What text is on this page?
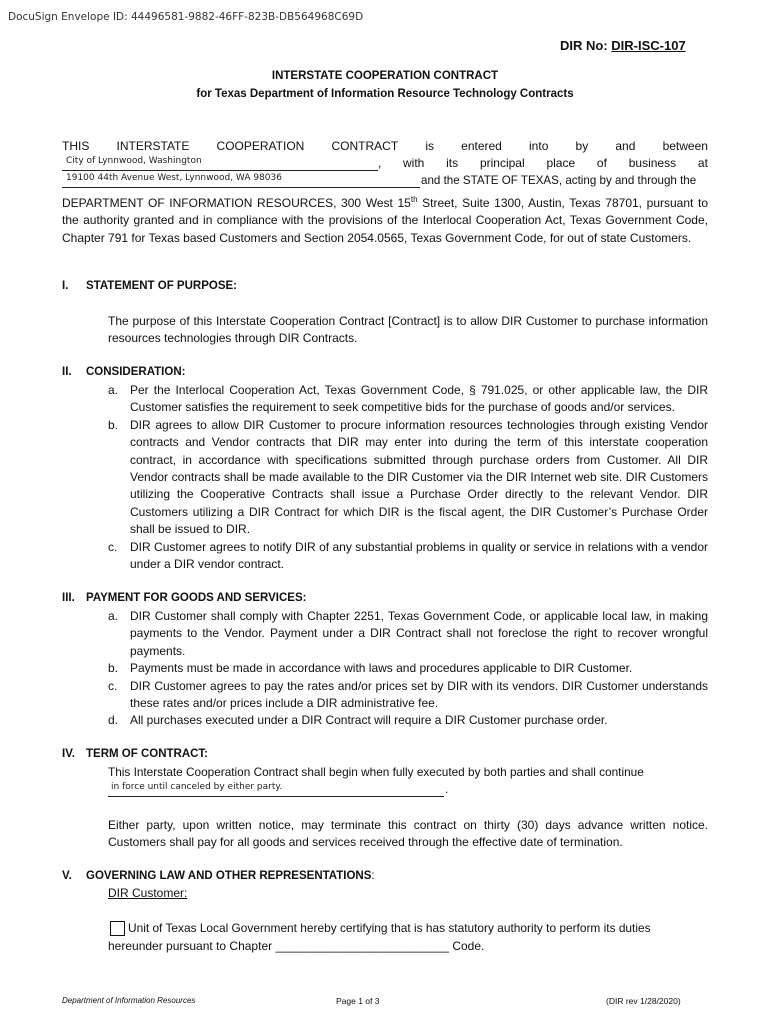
DocuSign Envelope ID: 44496581-9882-46FF-823B-DB564968C69D
DIR No: DIR-ISC-107
INTERSTATE COOPERATION CONTRACT
for Texas Department of Information Resource Technology Contracts
THIS INTERSTATE COOPERATION CONTRACT is entered into by and between
City of Lynnwood, Washington	, with its principal place of business at
19100 44th Avenue West, Lynnwood, WA 98036	and the STATE OF TEXAS, acting by and through the
DEPARTMENT OF INFORMATION RESOURCES, 300 West 15th Street, Suite 1300, Austin, Texas 78701, pursuant to the authority granted and in compliance with the provisions of the Interlocal Cooperation Act, Texas Government Code, Chapter 791 for Texas based Customers and Section 2054.0565, Texas Government Code, for out of state Customers.
I. STATEMENT OF PURPOSE:
The purpose of this Interstate Cooperation Contract [Contract] is to allow DIR Customer to purchase information resources technologies through DIR Contracts.
II. CONSIDERATION:
a. Per the Interlocal Cooperation Act, Texas Government Code, § 791.025, or other applicable law, the DIR Customer satisfies the requirement to seek competitive bids for the purchase of goods and/or services.
b. DIR agrees to allow DIR Customer to procure information resources technologies through existing Vendor contracts and Vendor contracts that DIR may enter into during the term of this interstate cooperation contract, in accordance with specifications submitted through purchase orders from Customer. All DIR Vendor contracts shall be made available to the DIR Customer via the DIR Internet web site. DIR Customers utilizing the Cooperative Contracts shall issue a Purchase Order directly to the relevant Vendor. DIR Customers utilizing a DIR Contract for which DIR is the fiscal agent, the DIR Customer’s Purchase Order shall be issued to DIR.
c.	DIR Customer agrees to notify DIR of any substantial problems in quality or service in relations with a vendor under a DIR vendor contract.
III. PAYMENT FOR GOODS AND SERVICES:
a. DIR Customer shall comply with Chapter 2251, Texas Government Code, or applicable local law, in making payments to the Vendor. Payment under a DIR Contract shall not foreclose the right to recover wrongful payments.
b. Payments must be made in accordance with laws and procedures applicable to DIR Customer.
c.	DIR Customer agrees to pay the rates and/or prices set by DIR with its vendors. DIR Customer understands these rates and/or prices include a DIR administrative fee.
d. All purchases executed under a DIR Contract will require a DIR Customer purchase order.
IV. TERM OF CONTRACT:
This Interstate Cooperation Contract shall begin when fully executed by both parties and shall continue
in force until canceled by either party.	.
Either party, upon written notice, may terminate this contract on thirty (30) days advance written notice. Customers shall pay for all goods and services received through the effective date of termination.
V. GOVERNING LAW AND OTHER REPRESENTATIONS:
DIR Customer:
Unit of Texas Local Government hereby certifying that is has statutory authority to perform its duties
hereunder pursuant to Chapter __________________________ Code.
Department of Information Resources	Page 1 of 3	(DIR rev 1/28/2020)
